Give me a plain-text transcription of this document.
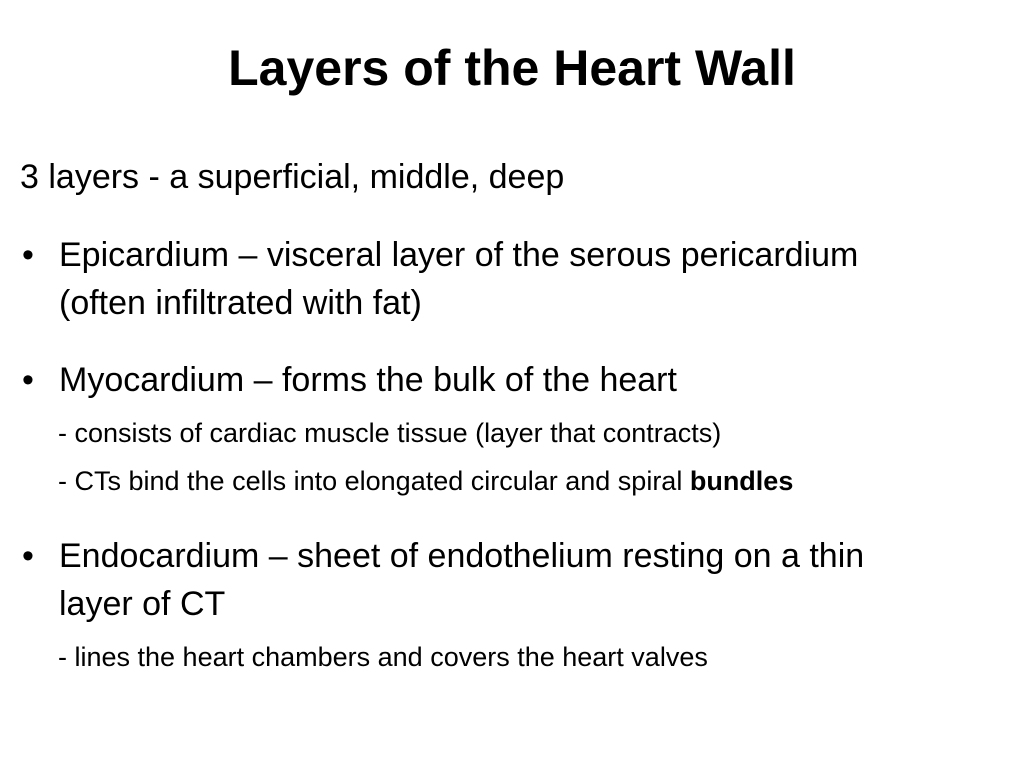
Layers of the Heart Wall
3 layers - a superficial, middle, deep
• Epicardium – visceral layer of the serous pericardium
(often infiltrated with fat)
• Myocardium – forms the bulk of the heart
- consists of cardiac muscle tissue (layer that contracts)
- CTs bind the cells into elongated circular and spiral bundles
• Endocardium – sheet of endothelium resting on a thin
layer of CT
- lines the heart chambers and covers the heart valves
